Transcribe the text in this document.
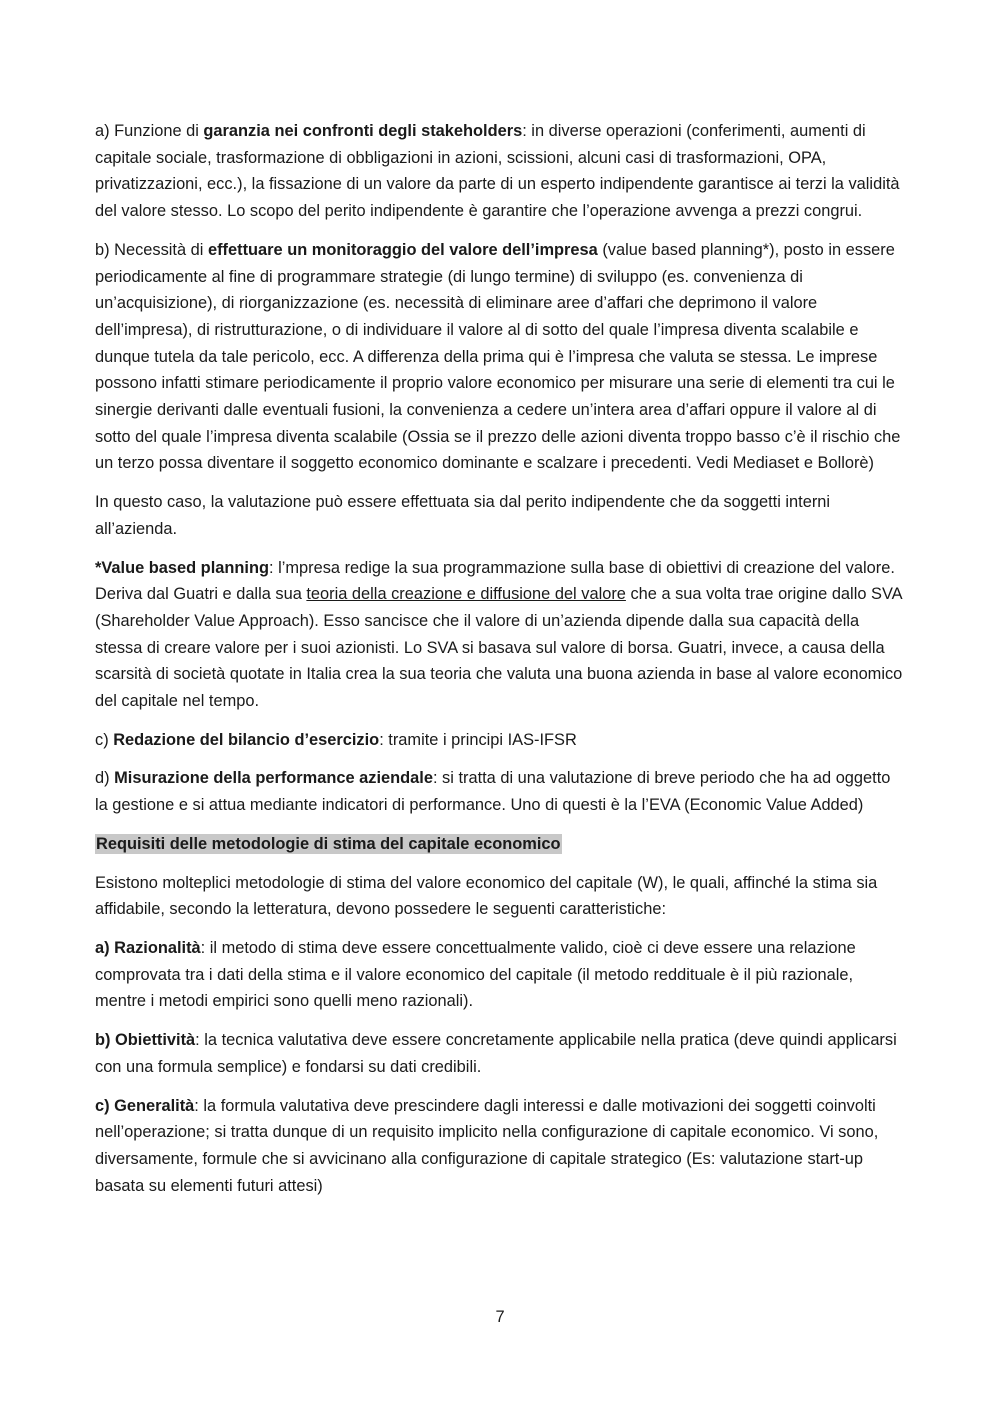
a) Funzione di garanzia nei confronti degli stakeholders: in diverse operazioni (conferimenti, aumenti di capitale sociale, trasformazione di obbligazioni in azioni, scissioni, alcuni casi di trasformazioni, OPA, privatizzazioni, ecc.), la fissazione di un valore da parte di un esperto indipendente garantisce ai terzi la validità del valore stesso. Lo scopo del perito indipendente è garantire che l’operazione avvenga a prezzi congrui.

b) Necessità di effettuare un monitoraggio del valore dell’impresa (value based planning*), posto in essere periodicamente al fine di programmare strategie (di lungo termine) di sviluppo (es. convenienza di un’acquisizione), di riorganizzazione (es. necessità di eliminare aree d’affari che deprimono il valore dell’impresa), di ristrutturazione, o di individuare il valore al di sotto del quale l’impresa diventa scalabile e dunque tutela da tale pericolo, ecc. A differenza della prima qui è l’impresa che valuta se stessa. Le imprese possono infatti stimare periodicamente il proprio valore economico per misurare una serie di elementi tra cui le sinergie derivanti dalle eventuali fusioni, la convenienza a cedere un’intera area d’affari oppure il valore al di sotto del quale l’impresa diventa scalabile (Ossia se il prezzo delle azioni diventa troppo basso c’è il rischio che un terzo possa diventare il soggetto economico dominante e scalzare i precedenti. Vedi Mediaset e Bollorè)

In questo caso, la valutazione può essere effettuata sia dal perito indipendente che da soggetti interni all’azienda.

*Value based planning: l’mpresa redige la sua programmazione sulla base di obiettivi di creazione del valore. Deriva dal Guatri e dalla sua teoria della creazione e diffusione del valore che a sua volta trae origine dallo SVA (Shareholder Value Approach). Esso sancisce che il valore di un’azienda dipende dalla sua capacità della stessa di creare valore per i suoi azionisti. Lo SVA si basava sul valore di borsa. Guatri, invece, a causa della scarsità di società quotate in Italia crea la sua teoria che valuta una buona azienda in base al valore economico del capitale nel tempo.

c) Redazione del bilancio d’esercizio: tramite i principi IAS-IFSR

d) Misurazione della performance aziendale: si tratta di una valutazione di breve periodo che ha ad oggetto la gestione e si attua mediante indicatori di performance. Uno di questi è la l’EVA (Economic Value Added)

Requisiti delle metodologie di stima del capitale economico

Esistono molteplici metodologie di stima del valore economico del capitale (W), le quali, affinché la stima sia affidabile, secondo la letteratura, devono possedere le seguenti caratteristiche:

a) Razionalità: il metodo di stima deve essere concettualmente valido, cioè ci deve essere una relazione comprovata tra i dati della stima e il valore economico del capitale (il metodo reddituale è il più razionale, mentre i metodi empirici sono quelli meno razionali).

b) Obiettività: la tecnica valutativa deve essere concretamente applicabile nella pratica (deve quindi applicarsi con una formula semplice) e fondarsi su dati credibili.

c) Generalità: la formula valutativa deve prescindere dagli interessi e dalle motivazioni dei soggetti coinvolti nell’operazione; si tratta dunque di un requisito implicito nella configurazione di capitale economico. Vi sono, diversamente, formule che si avvicinano alla configurazione di capitale strategico (Es: valutazione start-up basata su elementi futuri attesi)

7
